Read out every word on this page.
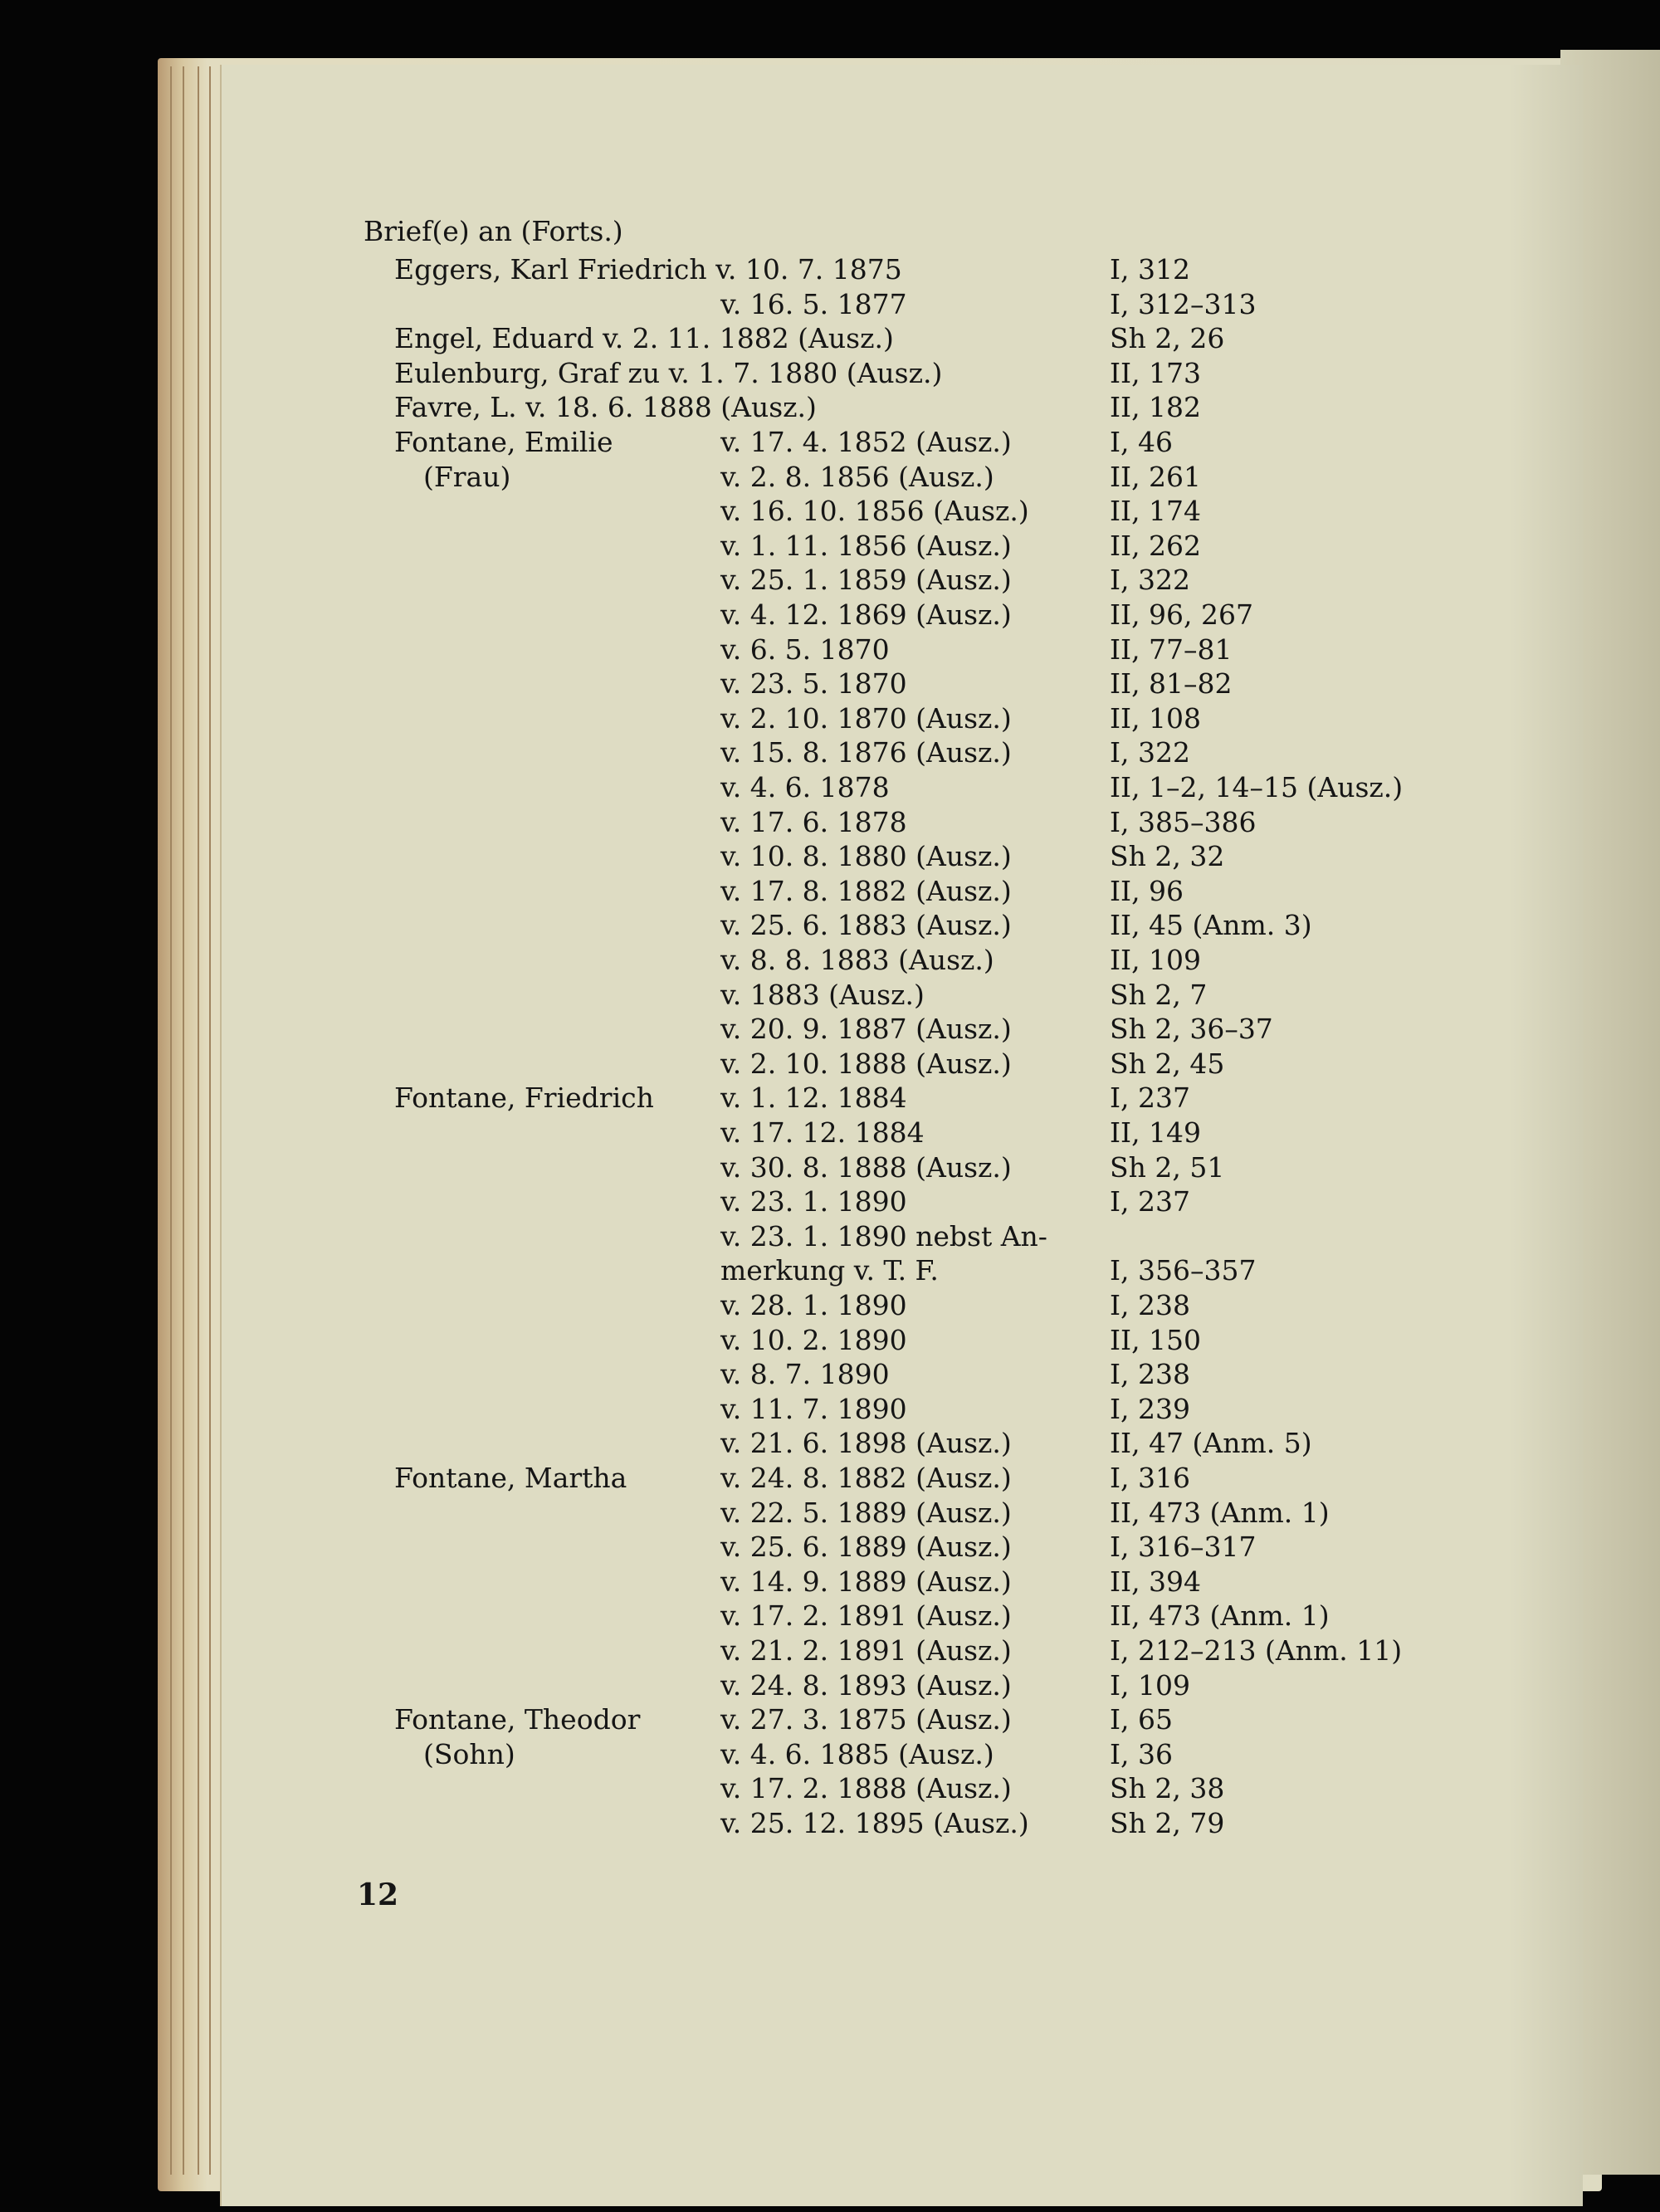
Brief(e) an (Forts.)
Eggers, Karl Friedrich v. 10. 7. 1875	I, 312
v. 16. 5. 1877	I, 312–313
Engel, Eduard v. 2. 11. 1882 (Ausz.)	Sh 2, 26
Eulenburg, Graf zu v. 1. 7. 1880 (Ausz.)	II, 173
Favre, L. v. 18. 6. 1888 (Ausz.)	II, 182
Fontane, Emilie	v. 17. 4. 1852 (Ausz.)	I, 46
(Frau)	v. 2. 8. 1856 (Ausz.)	II, 261
v. 16. 10. 1856 (Ausz.)	II, 174
v. 1. 11. 1856 (Ausz.)	II, 262
v. 25. 1. 1859 (Ausz.)	I, 322
v. 4. 12. 1869 (Ausz.)	II, 96, 267
v. 6. 5. 1870	II, 77–81
v. 23. 5. 1870	II, 81–82
v. 2. 10. 1870 (Ausz.)	II, 108
v. 15. 8. 1876 (Ausz.)	I, 322
v. 4. 6. 1878	II, 1–2, 14–15 (Ausz.)
v. 17. 6. 1878	I, 385–386
v. 10. 8. 1880 (Ausz.)	Sh 2, 32
v. 17. 8. 1882 (Ausz.)	II, 96
v. 25. 6. 1883 (Ausz.)	II, 45 (Anm. 3)
v. 8. 8. 1883 (Ausz.)	II, 109
v. 1883 (Ausz.)	Sh 2, 7
v. 20. 9. 1887 (Ausz.)	Sh 2, 36–37
v. 2. 10. 1888 (Ausz.)	Sh 2, 45
Fontane, Friedrich v. 1. 12. 1884	I, 237
v. 17. 12. 1884	II, 149
v. 30. 8. 1888 (Ausz.)	Sh 2, 51
v. 23. 1. 1890	I, 237
v. 23. 1. 1890 nebst An-
merkung v. T. F.	I, 356–357
v. 28. 1. 1890	I, 238
v. 10. 2. 1890	II, 150
v. 8. 7. 1890	I, 238
v. 11. 7. 1890	I, 239
v. 21. 6. 1898 (Ausz.)	II, 47 (Anm. 5)
Fontane, Martha	v. 24. 8. 1882 (Ausz.)	I, 316
v. 22. 5. 1889 (Ausz.)	II, 473 (Anm. 1)
v. 25. 6. 1889 (Ausz.)	I, 316–317
v. 14. 9. 1889 (Ausz.)	II, 394
v. 17. 2. 1891 (Ausz.)	II, 473 (Anm. 1)
v. 21. 2. 1891 (Ausz.)	I, 212–213 (Anm. 11)
v. 24. 8. 1893 (Ausz.)	I, 109
Fontane, Theodor	v. 27. 3. 1875 (Ausz.)	I, 65
(Sohn)	v. 4. 6. 1885 (Ausz.)	I, 36
v. 17. 2. 1888 (Ausz.)	Sh 2, 38
v. 25. 12. 1895 (Ausz.)	Sh 2, 79
12
